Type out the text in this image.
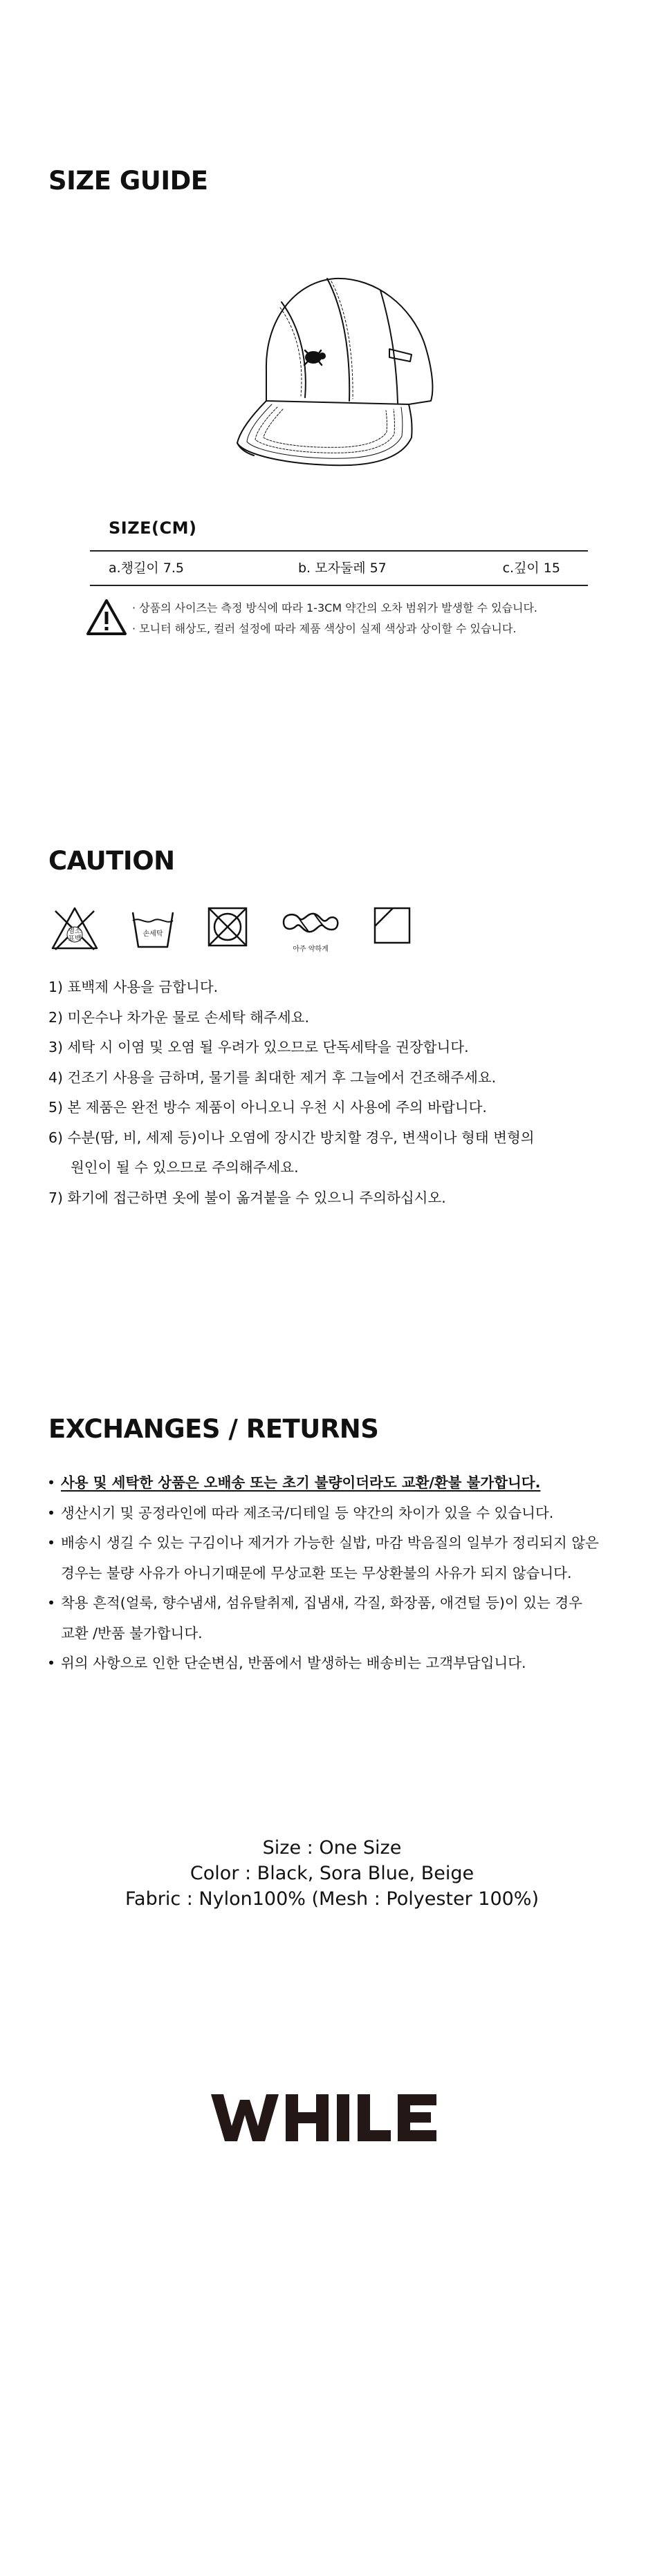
SIZE GUIDE
SIZE(CM)
a.챙길이 7.5	b. 모자둘레 57	c.깊이 15
· 상품의 사이즈는 측정 방식에 따라 1-3CM 약간의 오차 범위가 발생할 수 있습니다.
· 모니터 해상도, 컬러 설정에 따라 제품 색상이 실제 색상과 상이할 수 있습니다.
CAUTION
염소
표백
손세탁
아주 약하게
1) 표백제 사용을 금합니다.
2) 미온수나 차가운 물로 손세탁 해주세요.
3) 세탁 시 이염 및 오염 될 우려가 있으므로 단독세탁을 권장합니다.
4) 건조기 사용을 금하며, 물기를 최대한 제거 후 그늘에서 건조해주세요.
5) 본 제품은 완전 방수 제품이 아니오니 우천 시 사용에 주의 바랍니다.
6) 수분(땀, 비, 세제 등)이나 오염에 장시간 방치할 경우, 변색이나 형태 변형의
원인이 될 수 있으므로 주의해주세요.
7) 화기에 접근하면 옷에 불이 옮겨붙을 수 있으니 주의하십시오.
EXCHANGES / RETURNS
• 사용 및 세탁한 상품은 오배송 또는 초기 불량이더라도 교환/환불 불가합니다.
• 생산시기 및 공정라인에 따라 제조국/디테일 등 약간의 차이가 있을 수 있습니다.
• 배송시 생길 수 있는 구김이나 제거가 가능한 실밥, 마감 박음질의 일부가 정리되지 않은
경우는 불량 사유가 아니기때문에 무상교환 또는 무상환불의 사유가 되지 않습니다.
• 착용 흔적(얼룩, 향수냄새, 섬유탈취제, 집냄새, 각질, 화장품, 애견털 등)이 있는 경우
교환 /반품 불가합니다.
• 위의 사항으로 인한 단순변심, 반품에서 발생하는 배송비는 고객부담입니다.
Size : One Size
Color : Black, Sora Blue, Beige
Fabric : Nylon100% (Mesh : Polyester 100%)
